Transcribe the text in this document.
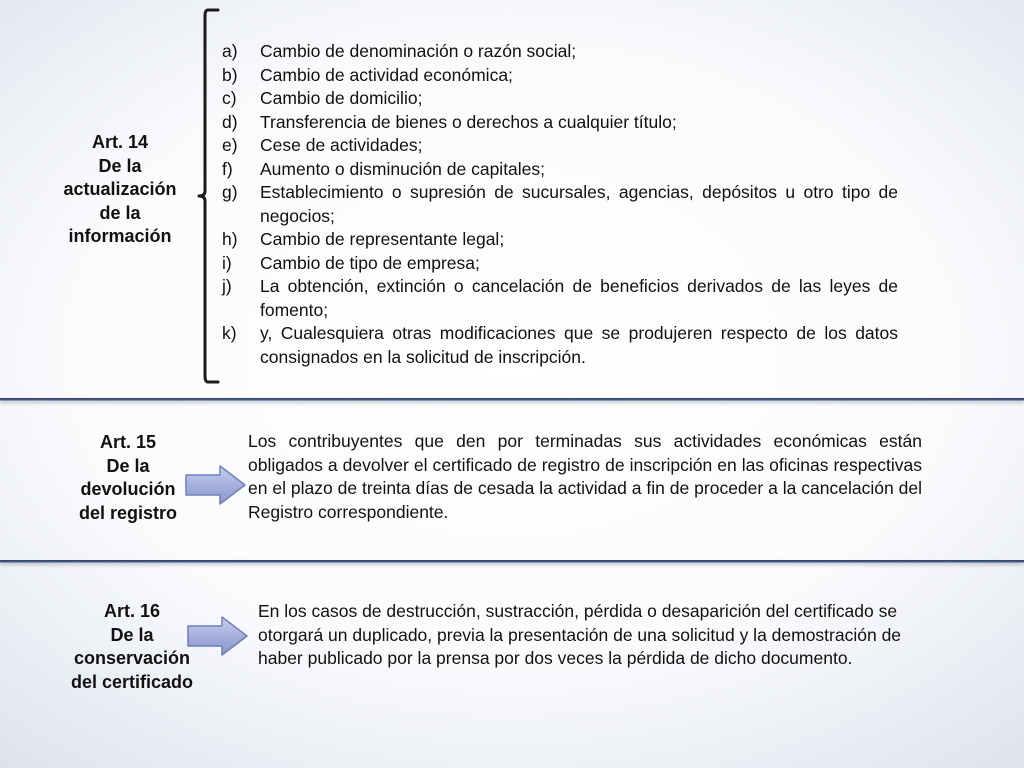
Art. 14
De la
actualización
de la
información
a)	Cambio de denominación o razón social;
b)	Cambio de actividad económica;
c)	Cambio de domicilio;
d)	Transferencia de bienes o derechos a cualquier título;
e)	Cese de actividades;
f)	Aumento o disminución de capitales;
g)	Establecimiento o supresión de sucursales, agencias, depósitos u otro tipo de negocios;
h)	Cambio de representante legal;
i)	Cambio de tipo de empresa;
j)	La obtención, extinción o cancelación de beneficios derivados de las leyes de fomento;
k)	y, Cualesquiera otras modificaciones que se produjeren respecto de los datos consignados en la solicitud de inscripción.
Art. 15
De la
devolución
del registro

Los contribuyentes que den por terminadas sus actividades económicas están obligados a devolver el certificado de registro de inscripción en las oficinas respectivas en el plazo de treinta días de cesada la actividad a fin de proceder a la cancelación del Registro correspondiente.

Art. 16
De la
conservación
del certificado

En los casos de destrucción, sustracción, pérdida o desaparición del certificado se otorgará un duplicado, previa la presentación de una solicitud y la demostración de haber publicado por la prensa por dos veces la pérdida de dicho documento.
